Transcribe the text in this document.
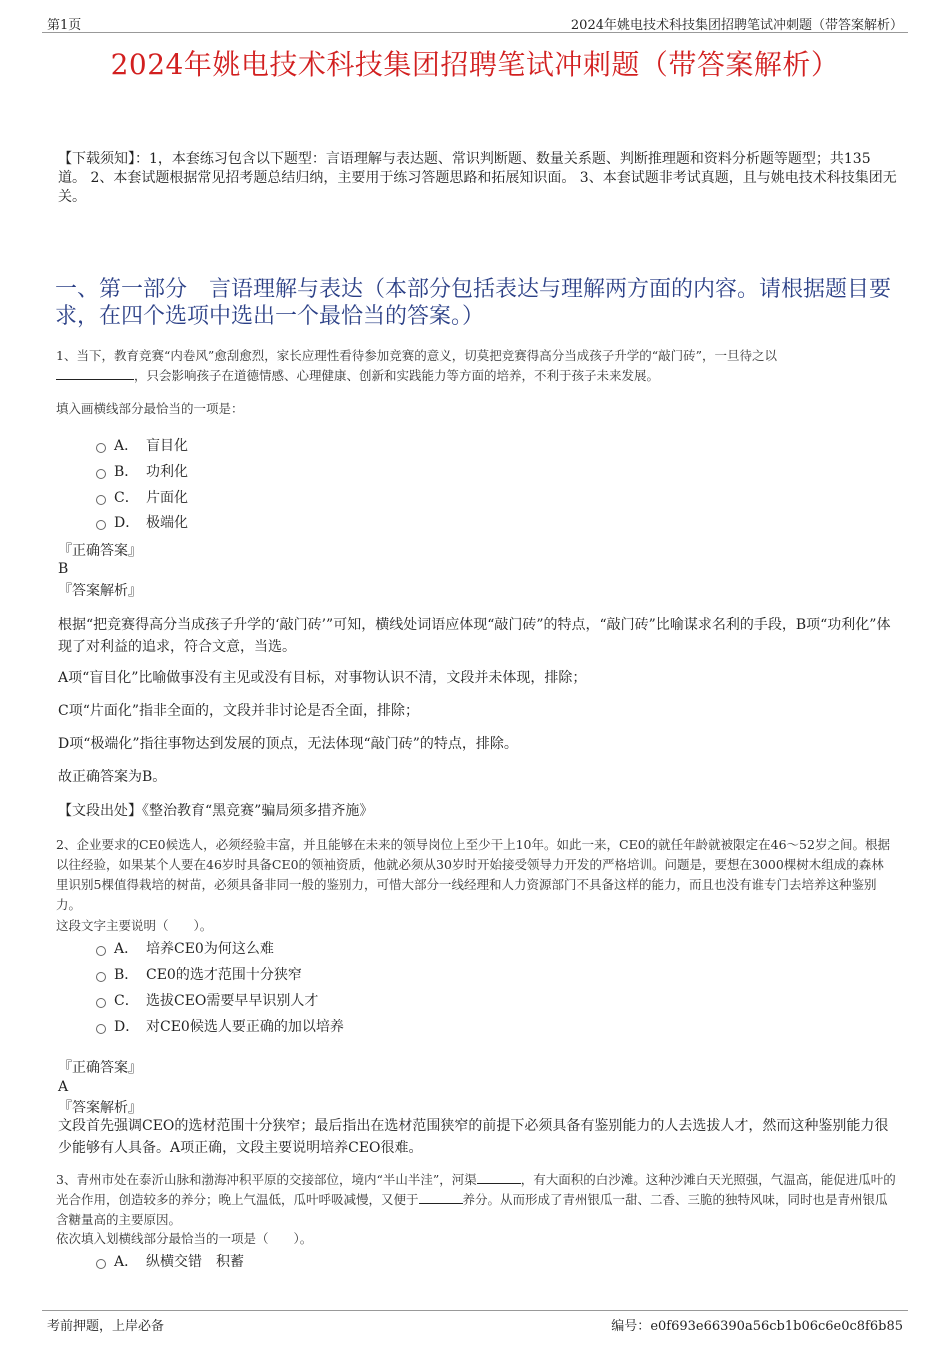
第1页	2024年姚电技术科技集团招聘笔试冲刺题（带答案解析）
2024年姚电技术科技集团招聘笔试冲刺题（带答案解析）
【下载须知】：1，本套练习包含以下题型：言语理解与表达题、常识判断题、数量关系题、判断推理题和资料分析题等题型；共135道。 2、本套试题根据常见招考题总结归纳，主要用于练习答题思路和拓展知识面。 3、本套试题非考试真题，且与姚电技术科技集团无关。
一、第一部分　言语理解与表达（本部分包括表达与理解两方面的内容。请根据题目要求，在四个选项中选出一个最恰当的答案。）
1、当下，教育竞赛“内卷风”愈刮愈烈，家长应理性看待参加竞赛的意义，切莫把竞赛得高分当成孩子升学的“敲门砖”，一旦待之以
，只会影响孩子在道德情感、心理健康、创新和实践能力等方面的培养，不利于孩子未来发展。
填入画横线部分最恰当的一项是：
A． 盲目化
B． 功利化
C． 片面化
D． 极端化
『正确答案』
B
『答案解析』
根据“把竞赛得高分当成孩子升学的‘敲门砖’”可知，横线处词语应体现“敲门砖”的特点，“敲门砖”比喻谋求名利的手段，B项“功利化”体现了对利益的追求，符合文意，当选。
A项“盲目化”比喻做事没有主见或没有目标，对事物认识不清，文段并未体现，排除；
C项“片面化”指非全面的，文段并非讨论是否全面，排除；
D项“极端化”指往事物达到发展的顶点，无法体现“敲门砖”的特点，排除。
故正确答案为B。
【文段出处】《整治教育“黑竞赛”骗局须多措齐施》
2、企业要求的CE0候选人，必须经验丰富，并且能够在未来的领导岗位上至少干上10年。如此一来，CE0的就任年龄就被限定在46～52岁之间。根据以往经验，如果某个人要在46岁时具备CE0的领袖资质，他就必须从30岁时开始接受领导力开发的严格培训。问题是，要想在3000棵树木组成的森林里识别5棵值得栽培的树苗，必须具备非同一般的鉴别力，可惜大部分一线经理和人力资源部门不具备这样的能力，而且也没有谁专门去培养这种鉴别力。
这段文字主要说明（　　）。
A． 培养CE0为何这么难
B． CE0的选才范围十分狭窄
C． 选拔CEO需要早早识别人才
D． 对CE0候选人要正确的加以培养
『正确答案』
A
『答案解析』
文段首先强调CEO的选材范围十分狭窄；最后指出在选材范围狭窄的前提下必须具备有鉴别能力的人去选拔人才，然而这种鉴别能力很少能够有人具备。A项正确，文段主要说明培养CEO很难。
3、青州市处在泰沂山脉和渤海冲积平原的交接部位，境内“半山半洼”，河渠	，有大面积的白沙滩。这种沙滩白天光照强，气温高，能促进瓜叶的光合作用，创造较多的养分；晚上气温低，瓜叶呼吸减慢，又便于	养分。从而形成了青州银瓜一甜、二香、三脆的独特风味，同时也是青州银瓜含糖量高的主要原因。
依次填入划横线部分最恰当的一项是（　　）。
A． 纵横交错　积蓄
考前押题，上岸必备	编号：e0f693e66390a56cb1b06c6e0c8f6b85
